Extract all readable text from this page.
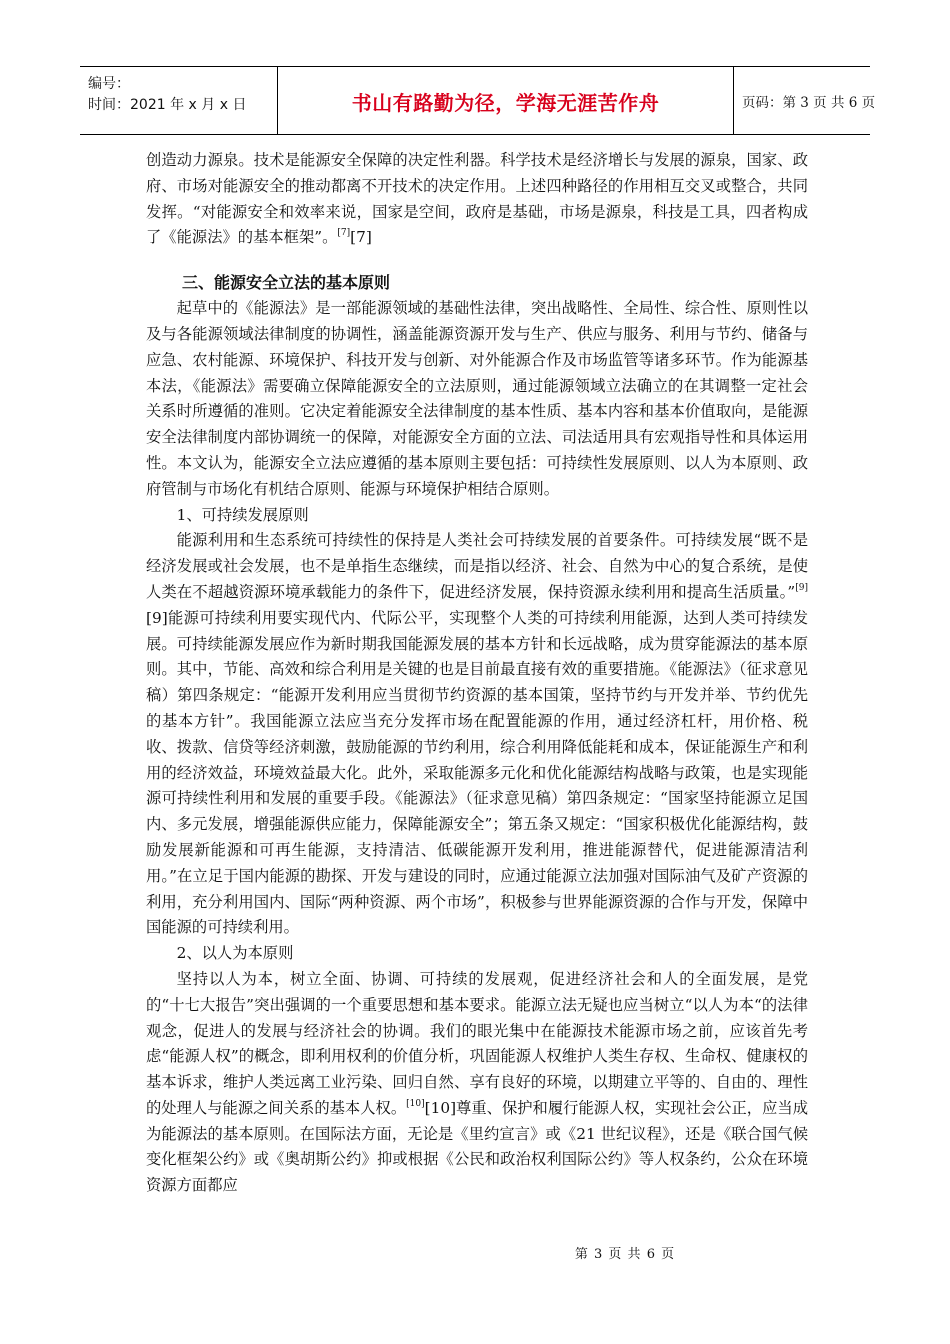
编号：
时间：2021 年 x 月 x 日	书山有路勤为径，学海无涯苦作舟	页码：第 3 页 共 6 页

创造动力源泉。技术是能源安全保障的决定性利器。科学技术是经济增长与发展的源泉，国家、政府、市场对能源安全的推动都离不开技术的决定作用。上述四种路径的作用相互交叉或整合，共同发挥。“对能源安全和效率来说，国家是空间，政府是基础，市场是源泉，科技是工具，四者构成了《能源法》的基本框架”。[7][7]

三、能源安全立法的基本原则

起草中的《能源法》是一部能源领域的基础性法律，突出战略性、全局性、综合性、原则性以及与各能源领域法律制度的协调性，涵盖能源资源开发与生产、供应与服务、利用与节约、储备与应急、农村能源、环境保护、科技开发与创新、对外能源合作及市场监管等诸多环节。作为能源基本法，《能源法》需要确立保障能源安全的立法原则，通过能源领域立法确立的在其调整一定社会关系时所遵循的准则。它决定着能源安全法律制度的基本性质、基本内容和基本价值取向，是能源安全法律制度内部协调统一的保障，对能源安全方面的立法、司法适用具有宏观指导性和具体运用性。本文认为，能源安全立法应遵循的基本原则主要包括：可持续性发展原则、以人为本原则、政府管制与市场化有机结合原则、能源与环境保护相结合原则。

1、可持续发展原则

能源利用和生态系统可持续性的保持是人类社会可持续发展的首要条件。可持续发展“既不是经济发展或社会发展，也不是单指生态继续，而是指以经济、社会、自然为中心的复合系统，是使人类在不超越资源环境承载能力的条件下，促进经济发展，保持资源永续利用和提高生活质量。”[9][9]能源可持续利用要实现代内、代际公平，实现整个人类的可持续利用能源，达到人类可持续发展。可持续能源发展应作为新时期我国能源发展的基本方针和长远战略，成为贯穿能源法的基本原则。其中，节能、高效和综合利用是关键的也是目前最直接有效的重要措施。《能源法》（征求意见稿）第四条规定：“能源开发利用应当贯彻节约资源的基本国策，坚持节约与开发并举、节约优先的基本方针”。我国能源立法应当充分发挥市场在配置能源的作用，通过经济杠杆，用价格、税收、拨款、信贷等经济刺激，鼓励能源的节约利用，综合利用降低能耗和成本，保证能源生产和利用的经济效益，环境效益最大化。此外，采取能源多元化和优化能源结构战略与政策，也是实现能源可持续性利用和发展的重要手段。《能源法》（征求意见稿）第四条规定：“国家坚持能源立足国内、多元发展，增强能源供应能力，保障能源安全”；第五条又规定：“国家积极优化能源结构，鼓励发展新能源和可再生能源，支持清洁、低碳能源开发利用，推进能源替代，促进能源清洁利用。”在立足于国内能源的勘探、开发与建设的同时，应通过能源立法加强对国际油气及矿产资源的利用，充分利用国内、国际“两种资源、两个市场”，积极参与世界能源资源的合作与开发，保障中国能源的可持续利用。

2、以人为本原则

坚持以人为本，树立全面、协调、可持续的发展观，促进经济社会和人的全面发展，是党的“十七大报告”突出强调的一个重要思想和基本要求。能源立法无疑也应当树立“以人为本“的法律观念，促进人的发展与经济社会的协调。我们的眼光集中在能源技术能源市场之前，应该首先考虑“能源人权”的概念，即利用权利的价值分析，巩固能源人权维护人类生存权、生命权、健康权的基本诉求，维护人类远离工业污染、回归自然、享有良好的环境，以期建立平等的、自由的、理性的处理人与能源之间关系的基本人权。[10][10]尊重、保护和履行能源人权，实现社会公正，应当成为能源法的基本原则。在国际法方面，无论是《里约宣言》或《21 世纪议程》，还是《联合国气候变化框架公约》或《奥胡斯公约》抑或根据《公民和政治权利国际公约》等人权条约，公众在环境资源方面都应

第 3 页 共 6 页
